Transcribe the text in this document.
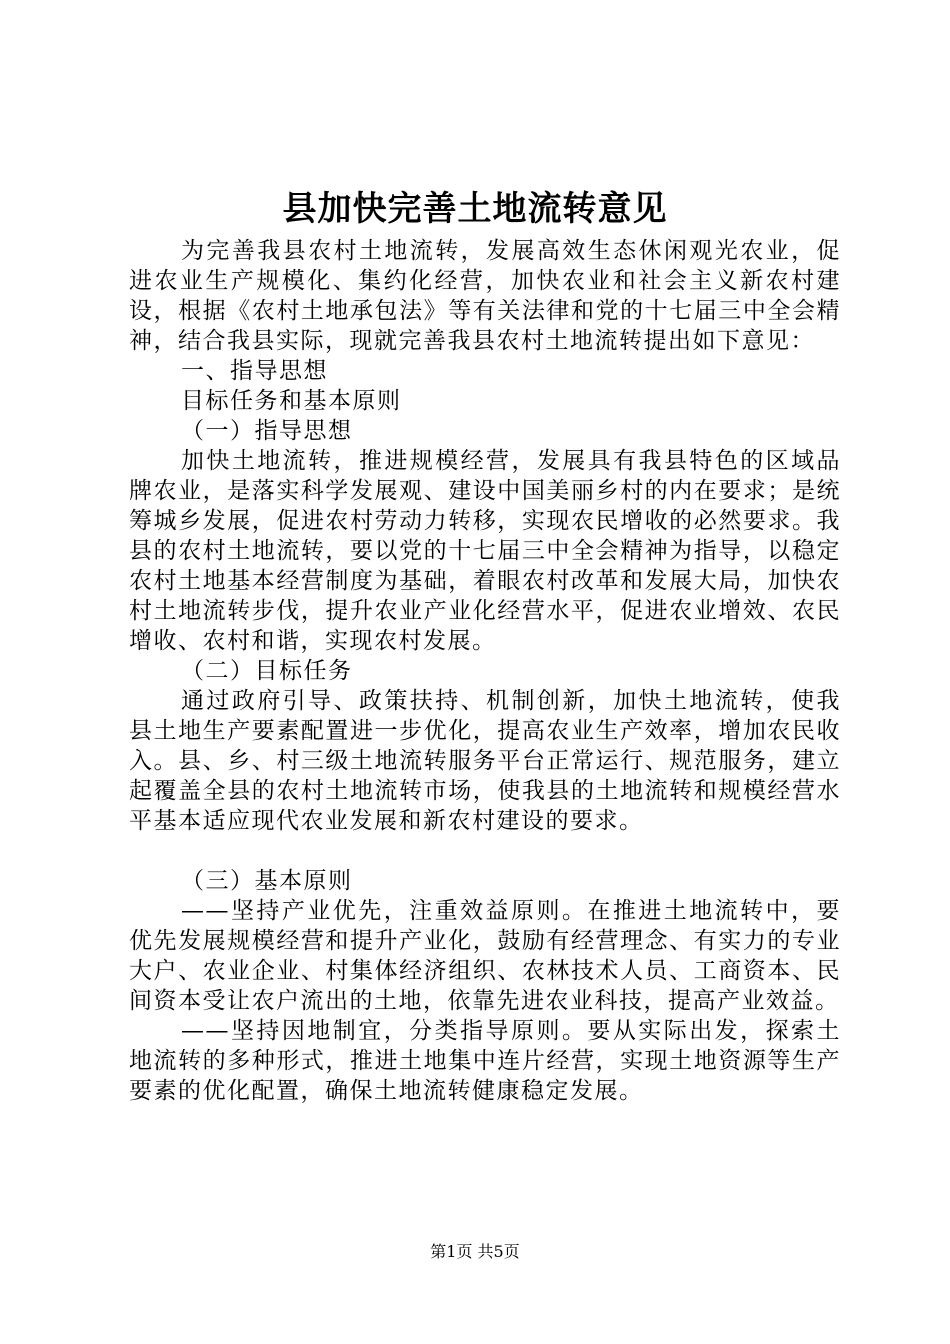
县加快完善土地流转意见

为完善我县农村土地流转，发展高效生态休闲观光农业，促进农业生产规模化、集约化经营，加快农业和社会主义新农村建设，根据《农村土地承包法》等有关法律和党的十七届三中全会精神，结合我县实际，现就完善我县农村土地流转提出如下意见：

一、指导思想

目标任务和基本原则

（一）指导思想

加快土地流转，推进规模经营，发展具有我县特色的区域品牌农业，是落实科学发展观、建设中国美丽乡村的内在要求；是统筹城乡发展，促进农村劳动力转移，实现农民增收的必然要求。我县的农村土地流转，要以党的十七届三中全会精神为指导，以稳定农村土地基本经营制度为基础，着眼农村改革和发展大局，加快农村土地流转步伐，提升农业产业化经营水平，促进农业增效、农民增收、农村和谐，实现农村发展。

（二）目标任务

通过政府引导、政策扶持、机制创新，加快土地流转，使我县土地生产要素配置进一步优化，提高农业生产效率，增加农民收入。县、乡、村三级土地流转服务平台正常运行、规范服务，建立起覆盖全县的农村土地流转市场，使我县的土地流转和规模经营水平基本适应现代农业发展和新农村建设的要求。

（三）基本原则

——坚持产业优先，注重效益原则。在推进土地流转中，要优先发展规模经营和提升产业化，鼓励有经营理念、有实力的专业大户、农业企业、村集体经济组织、农林技术人员、工商资本、民间资本受让农户流出的土地，依靠先进农业科技，提高产业效益。

——坚持因地制宜，分类指导原则。要从实际出发，探索土地流转的多种形式，推进土地集中连片经营，实现土地资源等生产要素的优化配置，确保土地流转健康稳定发展。

第1页 共5页
